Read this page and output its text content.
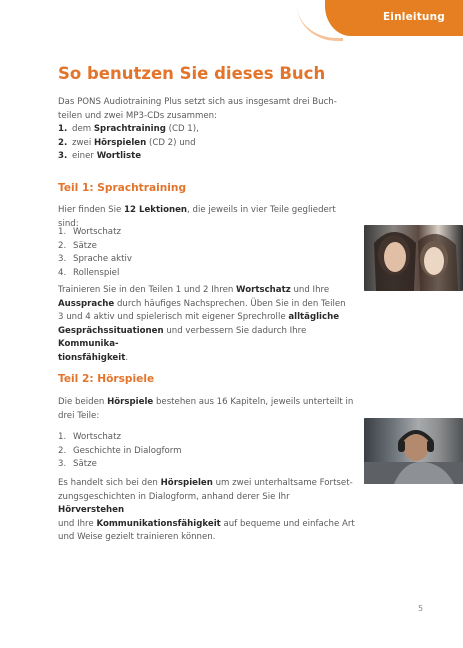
Einleitung
So benutzen Sie dieses Buch

Das PONS Audiotraining Plus setzt sich aus insgesamt drei Buch-
teilen und zwei MP3-CDs zusammen:

1. dem Sprachtraining (CD 1),
2. zwei Hörspielen (CD 2) und
3. einer Wortliste
Teil 1: Sprachtraining

Hier finden Sie 12 Lektionen, die jeweils in vier Teile gegliedert sind:

1. Wortschatz
2. Sätze
3. Sprache aktiv
4. Rollenspiel

Trainieren Sie in den Teilen 1 und 2 Ihren Wortschatz und Ihre
Aussprache durch häufiges Nachsprechen. Üben Sie in den Teilen
3 und 4 aktiv und spielerisch mit eigener Sprechrolle alltägliche
Gesprächssituationen und verbessern Sie dadurch Ihre Kommunika-
tionsfähigkeit.

Teil 2: Hörspiele

Die beiden Hörspiele bestehen aus 16 Kapiteln, jeweils unterteilt in
drei Teile:

1. Wortschatz
2. Geschichte in Dialogform
3. Sätze

Es handelt sich bei den Hörspielen um zwei unterhaltsame Fortset-
zungsgeschichten in Dialogform, anhand derer Sie Ihr Hörverstehen
und Ihre Kommunikationsfähigkeit auf bequeme und einfache Art
und Weise gezielt trainieren können.

5
